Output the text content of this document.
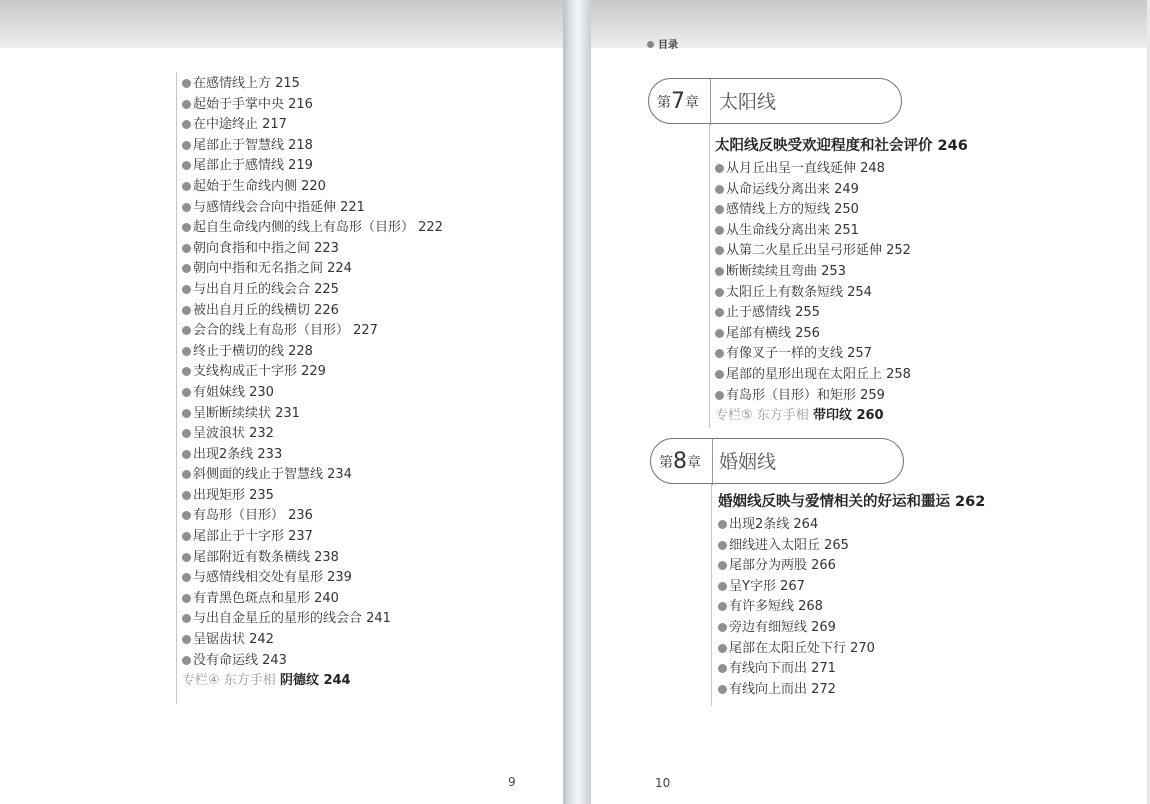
在感情线上方 215
起始于手掌中央 216
在中途终止 217
尾部止于智慧线 218
尾部止于感情线 219
起始于生命线内侧 220
与感情线会合向中指延伸 221
起自生命线内侧的线上有岛形（目形） 222
朝向食指和中指之间 223
朝向中指和无名指之间 224
与出自月丘的线会合 225
被出自月丘的线横切 226
会合的线上有岛形（目形） 227
终止于横切的线 228
支线构成正十字形 229
有姐妹线 230
呈断断续续状 231
呈波浪状 232
出现2条线 233
斜侧面的线止于智慧线 234
出现矩形 235
有岛形（目形） 236
尾部止于十字形 237
尾部附近有数条横线 238
与感情线相交处有星形 239
有青黑色斑点和星形 240
与出自金星丘的星形的线会合 241
呈锯齿状 242
没有命运线 243
专栏④ 东方手相 阴德纹 244
9
目录
第7章 太阳线
太阳线反映受欢迎程度和社会评价 246
从月丘出呈一直线延伸 248
从命运线分离出来 249
感情线上方的短线 250
从生命线分离出来 251
从第二火星丘出呈弓形延伸 252
断断续续且弯曲 253
太阳丘上有数条短线 254
止于感情线 255
尾部有横线 256
有像叉子一样的支线 257
尾部的星形出现在太阳丘上 258
有岛形（目形）和矩形 259
专栏⑤ 东方手相 带印纹 260
第8章 婚姻线
婚姻线反映与爱情相关的好运和噩运 262
出现2条线 264
细线进入太阳丘 265
尾部分为两股 266
呈Y字形 267
有许多短线 268
旁边有细短线 269
尾部在太阳丘处下行 270
有线向下而出 271
有线向上而出 272
10
